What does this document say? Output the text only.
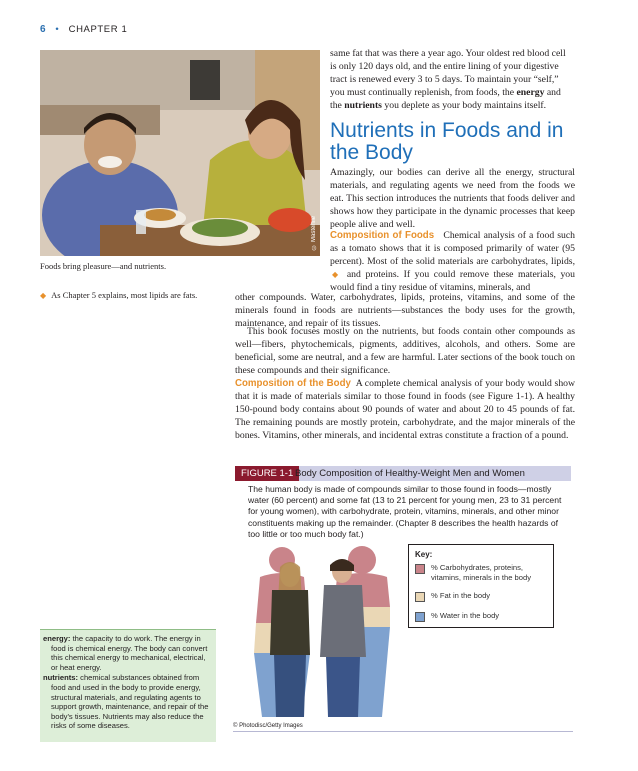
6 • CHAPTER 1
© Masterfile
Foods bring pleasure—and nutrients.
◆ As Chapter 5 explains, most lipids are fats.
same fat that was there a year ago. Your oldest red blood cell
is only 120 days old, and the entire lining of your digestive
tract is renewed every 3 to 5 days. To maintain your “self,”
you must continually replenish, from foods, the energy and
the nutrients you deplete as your body maintains itself.
Nutrients in Foods and in the Body

Amazingly, our bodies can derive all the energy, structural materials, and regulating agents we need from the foods we eat. This section introduces the nutrients that foods deliver and shows how they participate in the dynamic processes that keep people alive and well.

Composition of Foods Chemical analysis of a food such as a tomato shows that it is composed primarily of water (95 percent). Most of the solid materials are carbohydrates, lipids, ◆ and proteins. If you could remove these materials, you would find a tiny residue of vitamins, minerals, and

other compounds. Water, carbohydrates, lipids, proteins, vitamins, and some of the minerals found in foods are nutrients—substances the body uses for the growth, maintenance, and repair of its tissues.

This book focuses mostly on the nutrients, but foods contain other compounds as well—fibers, phytochemicals, pigments, additives, alcohols, and others. Some are beneficial, some are neutral, and a few are harmful. Later sections of the book touch on these compounds and their significance.

Composition of the Body A complete chemical analysis of your body would show that it is made of materials similar to those found in foods (see Figure 1-1). A healthy 150-pound body contains about 90 pounds of water and about 20 to 45 pounds of fat. The remaining pounds are mostly protein, carbohydrate, and the major minerals of the bones. Vitamins, other minerals, and incidental extras constitute a fraction of a pound.

FIGURE 1-1 Body Composition of Healthy-Weight Men and Women
The human body is made of compounds similar to those found in foods—mostly water (60 percent) and some fat (13 to 21 percent for young men, 23 to 31 percent for young women), with carbohydrate, protein, vitamins, minerals, and other minor constituents making up the remainder. (Chapter 8 describes the health hazards of too little or too much body fat.)
Key:
% Carbohydrates, proteins, vitamins, minerals in the body
% Fat in the body
% Water in the body
© Photodisc/Getty Images

energy: the capacity to do work. The energy in food is chemical energy. The body can convert this chemical energy to mechanical, electrical, or heat energy.

nutrients: chemical substances obtained from food and used in the body to provide energy, structural materials, and regulating agents to support growth, maintenance, and repair of the body's tissues. Nutrients may also reduce the risks of some diseases.
